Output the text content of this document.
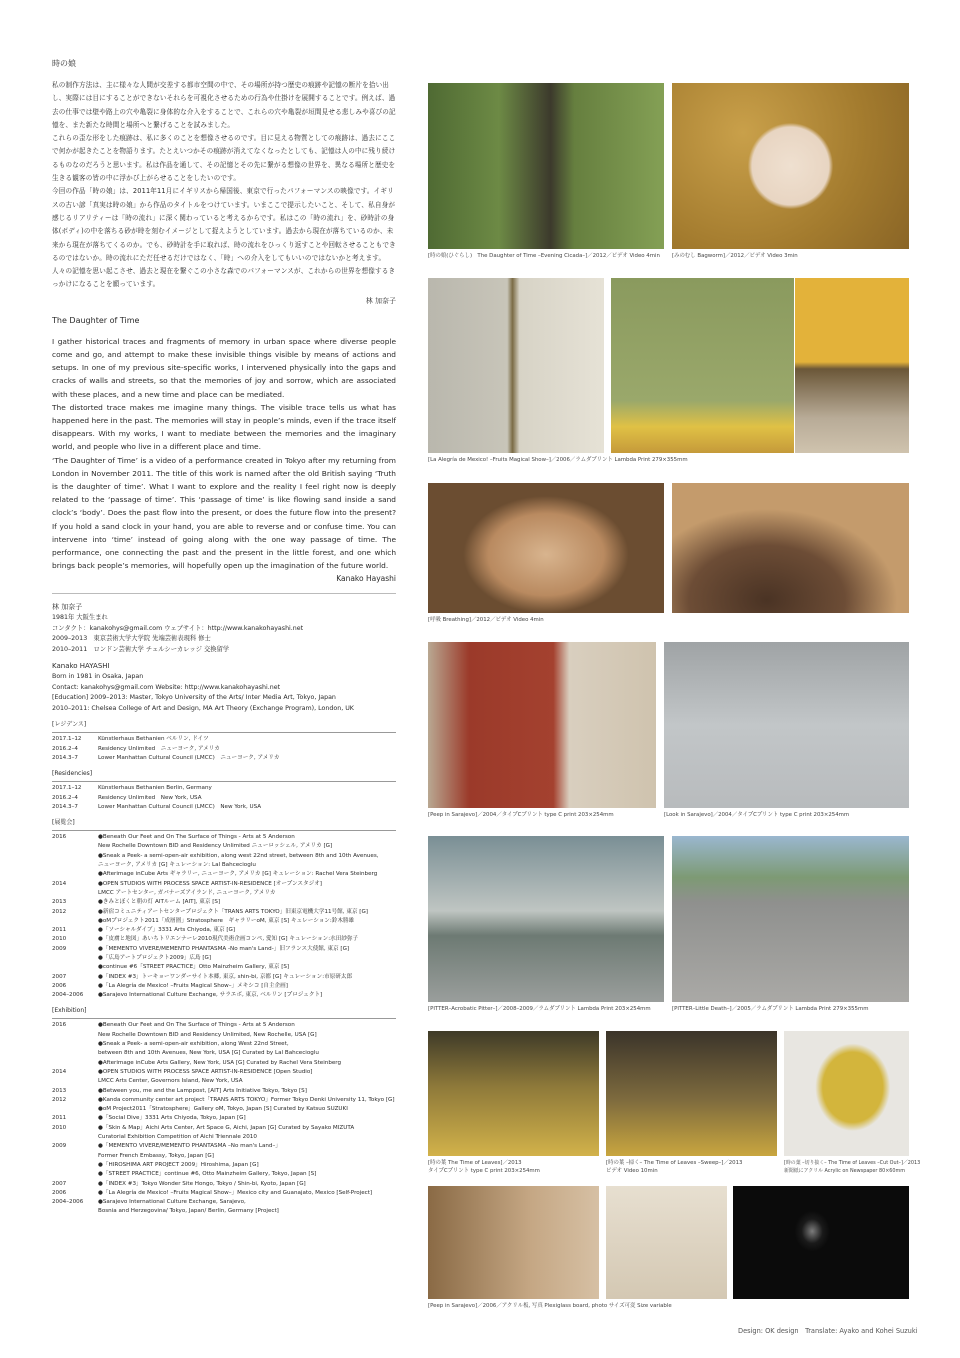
時の娘

私の制作方法は、主に様々な人間が交差する都市空間の中で、その場所が持つ歴史の痕跡や記憶の断片を拾い出し、実際には目にすることができないそれらを可視化させるための行為や仕掛けを展開することです。例えば、過去の仕事では壁や路上の穴や亀裂に身体的な介入をすることで、これらの穴や亀裂が垣間見せる悲しみや喜びの記憶を、また新たな時間と場所へと繋げることを試みました。

これらの歪な形をした痕跡は、私に多くのことを想像させるのです。目に見える物質としての痕跡は、過去にここで何かが起きたことを物語ります。たとえいつかその痕跡が消えてなくなったとしても、記憶は人の中に残り続けるものなのだろうと思います。私は作品を通して、その記憶とその先に繋がる想像の世界を、異なる場所と歴史を生きる観客の皆の中に浮かび上がらせることをしたいのです。

今回の作品「時の娘」は、2011年11月にイギリスから帰国後、東京で行ったパフォーマンスの映像です。イギリスの古い諺「真実は時の娘」から作品のタイトルをつけています。いまここで提示したいこと、そして、私自身が感じるリアリティーは「時の流れ」に深く関わっていると考えるからです。私はこの「時の流れ」を、砂時計の身体(ボディ)の中を落ちる砂が時を刻むイメージとして捉えようとしています。過去から現在が落ちているのか、未来から現在が落ちてくるのか。でも、砂時計を手に取れば、時の流れをひっくり返すことや回転させることもできるのではないか。時の流れにただ任せるだけではなく、「時」への介入をしてもいいのではないかと考えます。人々の記憶を思い起こさせ、過去と現在を繋ぐこの小さな森でのパフォーマンスが、これからの世界を想像するきっかけになることを願っています。

林 加奈子
The Daughter of Time

I gather historical traces and fragments of memory in urban space where diverse people come and go, and attempt to make these invisible things visible by means of actions and setups. In one of my previous site-specific works, I intervened physically into the gaps and cracks of walls and streets, so that the memories of joy and sorrow, which are associated with these places, and a new time and place can be mediated.

The distorted trace makes me imagine many things. The visible trace tells us what has happened here in the past. The memories will stay in people’s minds, even if the trace itself disappears. With my works, I want to mediate between the memories and the imaginary world, and people who live in a different place and time.

‘The Daughter of Time’ is a video of a performance created in Tokyo after my returning from London in November 2011. The title of this work is named after the old British saying ‘Truth is the daughter of time’. What I want to explore and the reality I feel right now is deeply related to the ‘passage of time’. This ‘passage of time’ is like flowing sand inside a sand clock’s ‘body’. Does the past flow into the present, or does the future flow into the present? If you hold a sand clock in your hand, you are able to reverse and or confuse time. You can intervene into ‘time’ instead of going along with the one way passage of time. The performance, one connecting the past and the present in the little forest, and one which brings back people’s memories, will hopefully open up the imagination of the future world.

Kanako Hayashi
林 加奈子
1981年 大阪生まれ
コンタクト：kanakohys@gmail.com ウェブサイト：http://www.kanakohayashi.net
2009–2013　東京芸術大学大学院 先端芸術表現科 修士
2010–2011　ロンドン芸術大学 チェルシーカレッジ 交換留学
Kanako HAYASHI
Born in 1981 in Osaka, Japan
Contact: kanakohys@gmail.com Website: http://www.kanakohayashi.net
[Education] 2009–2013: Master, Tokyo University of the Arts/ Inter Media Art, Tokyo, Japan
2010–2011: Chelsea College of Art and Design, MA Art Theory (Exchange Program), London, UK
[レジデンス]
2017.1–12	Künstlerhaus Bethanien ベルリン, ドイツ
2016.2–4	Residency Unlimited　ニューヨーク, アメリカ
2014.3–7	Lower Manhattan Cultural Council (LMCC)　ニューヨーク, アメリカ
[Residencies]
2017.1–12	Künstlerhaus Bethanien Berlin, Germany
2016.2–4	Residency Unlimited　New York, USA
2014.3–7	Lower Manhattan Cultural Council (LMCC)　New York, USA
[展覧会]
2016	●Beneath Our Feet and On The Surface of Things - Arts at 5 Anderson
New Rochelle Downtown BID and Residency Unlimited ニューロッシェル, アメリカ [G]
●Sneak a Peek- a semi-open-air exhibition, along west 22nd street, between 8th and 10th Avenues,
ニューヨーク, アメリカ [G] キュレーション: Lal Bahcecioglu
●Afterimage inCube Arts ギャラリー, ニューヨーク, アメリカ [G] キュレーション: Rachel Vera Steinberg
2014	●OPEN STUDIOS WITH PROCESS SPACE ARTIST-IN-RESIDENCE [オープンスタジオ]
LMCC アートセンター, ガバナーズアイランド, ニューヨーク, アメリカ
2013	●きみとぼくと朝の灯 AITルーム [AIT], 東京 [S]
2012	●新宿コミュニティアートセンタープロジェクト「TRANS ARTS TOKYO」旧東京電機大学11号館, 東京 [G]
●oMプロジェクト2011「成層圏」Stratosphere　ギャラリーoM, 東京 [S] キュレーション:鈴木勝雄
2011	●「ソーシャルダイブ」3331 Arts Chiyoda, 東京 [G]
2010	●「皮膚と地図」あいちトリエンナーレ2010現代美術企画コンペ, 愛知 [G] キュレーション:水田紗弥子
2009	●「MEMENTO VIVERE/MEMENTO PHANTASMA -No man's Land-」旧フランス大使館, 東京 [G]
●「広島アートプロジェクト2009」広島 [G]
●continue #6「STREET PRACTICE」Otto Mainzheim Gallery, 東京 [S]
2007	●「INDEX #3」トーキョーワンダーサイト本郷, 東京, shin-bi, 京都 [G] キュレーション:市原研太郎
2006	●「La Alegría de Mexico! –Fruits Magical Show–」メキシコ [自主企画]
2004–2006	●Sarajevo International Culture Exchange, サラエボ, 東京, ベルリン [プロジェクト]
[Exhibition]
2016	●Beneath Our Feet and On The Surface of Things - Arts at 5 Anderson
New Rochelle Downtown BID and Residency Unlimited, New Rochelle, USA [G]
●Sneak a Peek- a semi-open-air exhibition, along West 22nd Street,
between 8th and 10th Avenues, New York, USA [G] Curated by Lal Bahcecioglu
●Afterimage inCube Arts Gallery, New York, USA [G] Curated by Rachel Vera Steinberg
2014	●OPEN STUDIOS WITH PROCESS SPACE ARTIST-IN-RESIDENCE [Open Studio]
LMCC Arts Center, Governors Island, New York, USA
2013	●Between you, me and the Lamppost, [AIT] Arts Initiative Tokyo, Tokyo [S]
2012	●Kanda community center art project「TRANS ARTS TOKYO」Former Tokyo Denki University 11, Tokyo [G]
●oM Project2011「Stratosphere」Gallery oM, Tokyo, Japan [S] Curated by Katsuo SUZUKI
2011	●「Social Dive」3331 Arts Chiyoda, Tokyo, Japan [G]
2010	●「Skin & Map」Aichi Arts Center, Art Space G, Aichi, Japan [G] Curated by Sayako MIZUTA
Curatorial Exhibition Competition of Aichi Triennale 2010
2009	●「MEMENTO VIVERE/MEMENTO PHANTASMA –No man's Land–」
Former French Embassy, Tokyo, Japan [G]
●「HIROSHIMA ART PROJECT 2009」Hiroshima, Japan [G]
●「STREET PRACTICE」continue #6, Otto Mainzheim Gallery, Tokyo, Japan [S]
2007	●「INDEX #3」Tokyo Wonder Site Hongo, Tokyo / Shin-bi, Kyoto, Japan [G]
2006	●「La Alegría de Mexico! –Fruits Magical Show–」Mexico city and Guanajato, Mexico [Self-Project]
2004–2006	●Sarajevo International Culture Exchange, Sarajevo,
Bosnia and Herzegovina/ Tokyo, Japan/ Berlin, Germany [Project]
[時の娘(ひぐらし)　The Daughter of Time –Evening Cicada–]／2012／ビデオ Video 4min [みのむし Bagworm]／2012／ビデオ Video 3min
[La Alegría de Mexico! –Fruits Magical Show–]／2006／ラムダプリント Lambda Print 279×355mm
[呼吸 Breathing]／2012／ビデオ Video 4min
[Peep in Sarajevo]／2004／タイプCプリント type C print 203×254mm	[Look in Sarajevo]／2004／タイプCプリント type C print 203×254mm
[PITTER–Acrobatic Pitter–]／2008–2009／ラムダプリント Lambda Print 203×254mm	[PITTER–Little Death–]／2005／ラムダプリント Lambda Print 279×355mm
[時の葉 The Time of Leaves]／2013
タイプCプリント type C print 203×254mm
[時の葉 –掃く– The Time of Leaves –Sweep–]／2013
ビデオ Video 10min
[時の葉 –切り抜く– The Time of Leaves –Cut Out–]／2013
新聞紙にアクリル Acrylic on Newspaper 80×60mm
[Peep in Sarajevo]／2006／アクリル板, 写真 Plexiglass board, photo サイズ可変 Size variable
Design: OK design　Translate: Ayako and Kohei Suzuki
